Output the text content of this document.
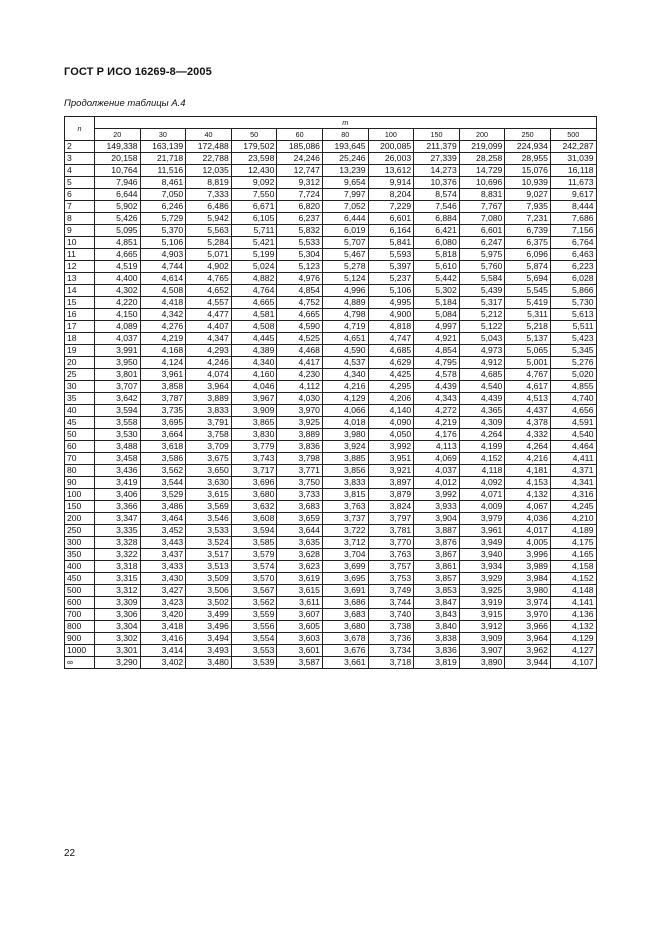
ГОСТ Р ИСО 16269-8—2005
Продолжение таблицы А.4
n	m										
	20	30	40	50	60	80	100	150	200	250	500
2	149,338	163,139	172,488	179,502	185,086	193,645	200,085	211,379	219,099	224,934	242,287
3	20,158	21,718	22,788	23,598	24,246	25,246	26,003	27,339	28,258	28,955	31,039
4	10,764	11,516	12,035	12,430	12,747	13,239	13,612	14,273	14,729	15,076	16,118
5	7,946	8,461	8,819	9,092	9,312	9,654	9,914	10,376	10,696	10,939	11,673
6	6,644	7,050	7,333	7,550	7,724	7,997	8,204	8,574	8,831	9,027	9,617
7	5,902	6,246	6,486	6,671	6,820	7,052	7,229	7,546	7,767	7,935	8,444
8	5,426	5,729	5,942	6,105	6,237	6,444	6,601	6,884	7,080	7,231	7,686
9	5,095	5,370	5,563	5,711	5,832	6,019	6,164	6,421	6,601	6,739	7,156
10	4,851	5,106	5,284	5,421	5,533	5,707	5,841	6,080	6,247	6,375	6,764
11	4,665	4,903	5,071	5,199	5,304	5,467	5,593	5,818	5,975	6,096	6,463
12	4,519	4,744	4,902	5,024	5,123	5,278	5,397	5,610	5,760	5,874	6,223
13	4,400	4,614	4,765	4,882	4,976	5,124	5,237	5,442	5,584	5,694	6,028
14	4,302	4,508	4,652	4,764	4,854	4,996	5,106	5,302	5,439	5,545	5,866
15	4,220	4,418	4,557	4,665	4,752	4,889	4,995	5,184	5,317	5,419	5,730
16	4,150	4,342	4,477	4,581	4,665	4,798	4,900	5,084	5,212	5,311	5,613
17	4,089	4,276	4,407	4,508	4,590	4,719	4,818	4,997	5,122	5,218	5,511
18	4,037	4,219	4,347	4,445	4,525	4,651	4,747	4,921	5,043	5,137	5,423
19	3,991	4,168	4,293	4,389	4,468	4,590	4,685	4,854	4,973	5,065	5,345
20	3,950	4,124	4,246	4,340	4,417	4,537	4,629	4,795	4,912	5,001	5,276
25	3,801	3,961	4,074	4,160	4,230	4,340	4,425	4,578	4,685	4,767	5,020
30	3,707	3,858	3,964	4,046	4,112	4,216	4,295	4,439	4,540	4,617	4,855
35	3,642	3,787	3,889	3,967	4,030	4,129	4,206	4,343	4,439	4,513	4,740
40	3,594	3,735	3,833	3,909	3,970	4,066	4,140	4,272	4,365	4,437	4,656
45	3,558	3,695	3,791	3,865	3,925	4,018	4,090	4,219	4,309	4,378	4,591
50	3,530	3,664	3,758	3,830	3,889	3,980	4,050	4,176	4,264	4,332	4,540
60	3,488	3,618	3,709	3,779	3,836	3,924	3,992	4,113	4,199	4,264	4,464
70	3,458	3,586	3,675	3,743	3,798	3,885	3,951	4,069	4,152	4,216	4,411
80	3,436	3,562	3,650	3,717	3,771	3,856	3,921	4,037	4,118	4,181	4,371
90	3,419	3,544	3,630	3,696	3,750	3,833	3,897	4,012	4,092	4,153	4,341
100	3,406	3,529	3,615	3,680	3,733	3,815	3,879	3,992	4,071	4,132	4,316
150	3,366	3,486	3,569	3,632	3,683	3,763	3,824	3,933	4,009	4,067	4,245
200	3,347	3,464	3,546	3,608	3,659	3,737	3,797	3,904	3,979	4,036	4,210
250	3,335	3,452	3,533	3,594	3,644	3,722	3,781	3,887	3,961	4,017	4,189
300	3,328	3,443	3,524	3,585	3,635	3,712	3,770	3,876	3,949	4,005	4,175
350	3,322	3,437	3,517	3,579	3,628	3,704	3,763	3,867	3,940	3,996	4,165
400	3,318	3,433	3,513	3,574	3,623	3,699	3,757	3,861	3,934	3,989	4,158
450	3,315	3,430	3,509	3,570	3,619	3,695	3,753	3,857	3,929	3,984	4,152
500	3,312	3,427	3,506	3,567	3,615	3,691	3,749	3,853	3,925	3,980	4,148
600	3,309	3,423	3,502	3,562	3,611	3,686	3,744	3,847	3,919	3,974	4,141
700	3,306	3,420	3,499	3,559	3,607	3,683	3,740	3,843	3,915	3,970	4,136
800	3,304	3,418	3,496	3,556	3,605	3,680	3,738	3,840	3,912	3,966	4,132
900	3,302	3,416	3,494	3,554	3,603	3,678	3,736	3,838	3,909	3,964	4,129
1000	3,301	3,414	3,493	3,553	3,601	3,676	3,734	3,836	3,907	3,962	4,127
∞	3,290	3,402	3,480	3,539	3,587	3,661	3,718	3,819	3,890	3,944	4,107
22
